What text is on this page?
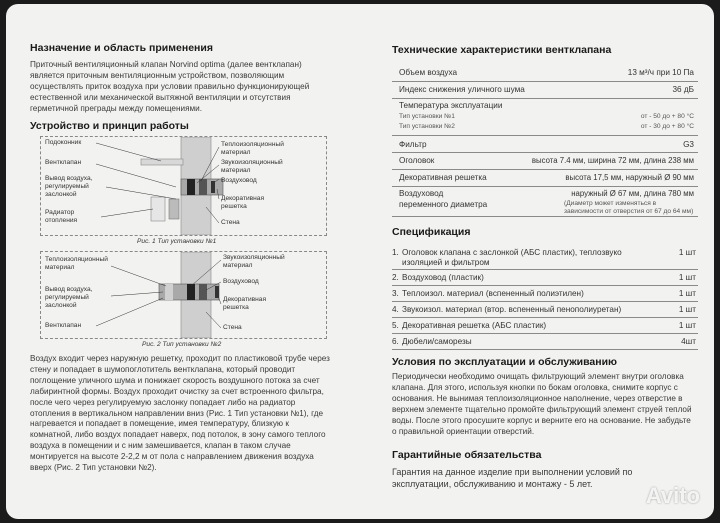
Назначение и область применения

Приточный вентиляционный клапан Norvind optima (далее вентклапан) является приточным вентиляционным устройством, позволяющим осуществлять приток воздуха при условии правильно функционирующей естественной или механической вытяжной вентиляции и отсутствия герметичной преграды между помещениями.

Устройство и принцип работы
Подоконник
Вентклапан
Вывод воздуха, регулируемый заслонкой
Радиатор отопления
Теплоизоляционный материал
Звукоизоляционный материал
Воздуховод
Декоративная решетка
Стена
Рис. 1 Тип установки №1
Теплоизоляционный материал
Вывод воздуха, регулируемый заслонкой
Вентклапан
Звукоизоляционный материал
Воздуховод
Декоративная решетка
Стена
Рис. 2 Тип установки №2

Воздух входит через наружную решетку, проходит по пластиковой трубе через стену и попадает в шумопоглотитель вентклапана, который проводит поглощение уличного шума и понижает скорость воздушного потока за счет лабиринтной формы. Воздух проходит очистку за счет встроенного фильтра, после чего через регулируемую заслонку попадает либо на радиатор отопления в вертикальном направлении вниз (Рис. 1 Тип установки №1), где нагревается и попадает в помещение, имея температуру, близкую к комнатной, либо воздух попадает наверх, под потолок, в зону самого теплого воздуха в помещении и с ним замешивается, клапан в таком случае монтируется на высоте 2-2,2 м от пола с направлением движения воздуха вверх (Рис. 2 Тип установки №2).

Технические характеристики вентклапана
Объем воздуха	13 м³/ч при 10 Па
Индекс снижения уличного шума	36 дБ
Температура эксплуатации
Тип установки №1	от - 50 до + 80 °С
Тип установки №2	от - 30 до + 80 °С
Фильтр	G3
Оголовок	высота 7.4 мм, ширина 72 мм, длина 238 мм
Декоративная решетка	высота 17,5 мм, наружный Ø 90 мм
Воздуховод
переменного диаметра
наружный Ø 67 мм, длина 780 мм
(Диаметр может изменяться в зависимости от отверстия от 67 до 64 мм)
Спецификация
1. Оголовок клапана с заслонкой (АБС пластик), теплозвуко
изоляцией и фильтром
1 шт
2. Воздуховод (пластик)	1 шт
3. Теплоизол. материал (вспененный полиэтилен)	1 шт
4. Звукоизол. материал (втор. вспененный пенополиуретан)	1 шт
5. Декоративная решетка (АБС пластик)	1 шт
6. Дюбели/саморезы	4шт
Условия по эксплуатации и обслуживанию

Периодически необходимо очищать фильтрующий элемент внутри оголовка клапана. Для этого, используя кнопки по бокам оголовка, снимите корпус с основания. Не вынимая теплоизоляционное наполнение, через отверстие в верхнем элементе тщательно промойте фильтрующий элемент струей теплой воды. После этого просушите корпус и верните его на основание. Не забудьте о правильной ориентации отверстий.

Гарантийные обязательства

Гарантия на данное изделие при выполнении условий по эксплуатации, обслуживанию и монтажу - 5 лет.	Avito
